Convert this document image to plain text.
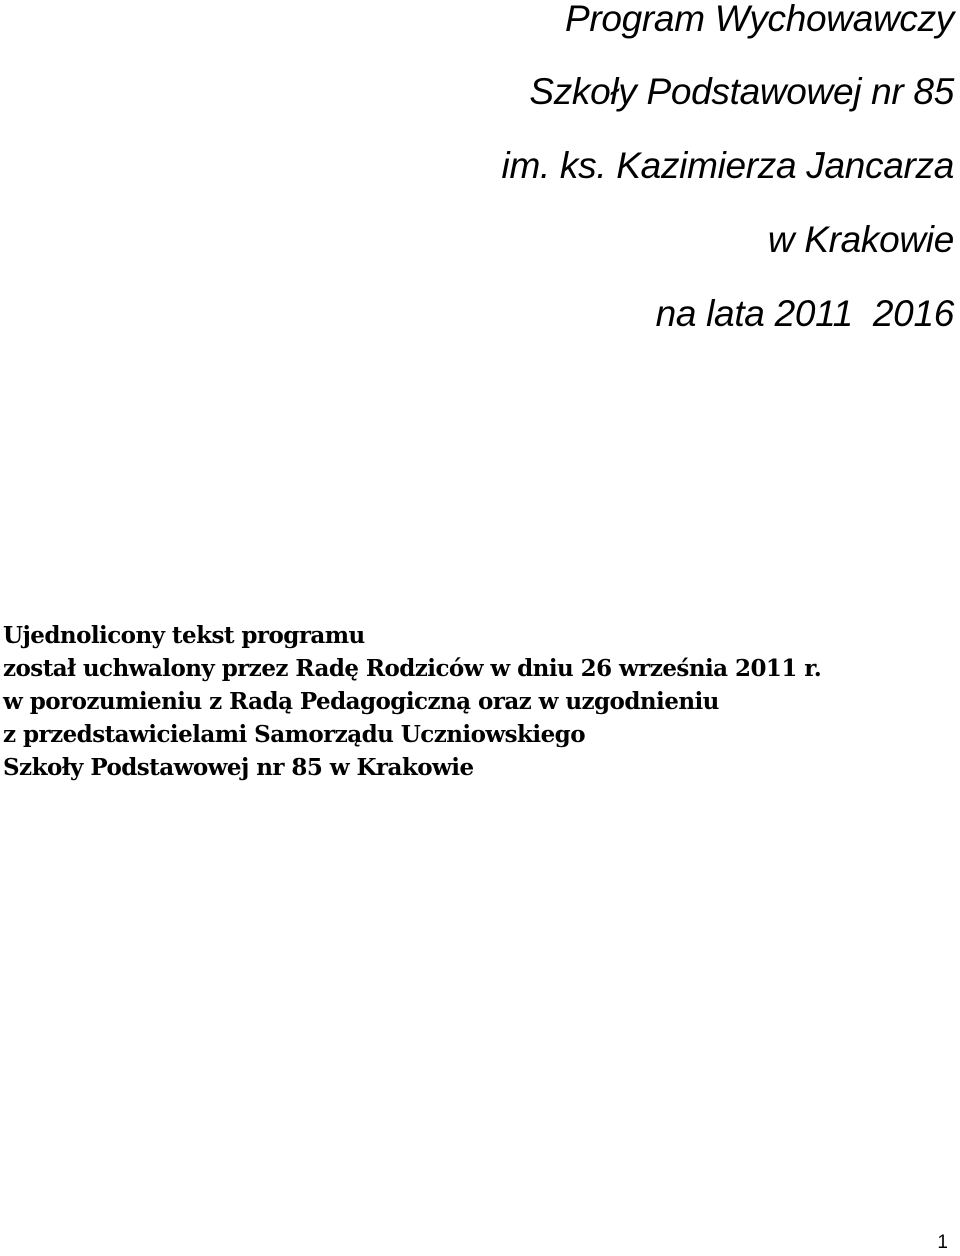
Program Wychowawczy
Szkoły Podstawowej nr 85
im. ks. Kazimierza Jancarza
w Krakowie
na lata 2011  2016
Ujednolicony tekst programu
został uchwalony przez Radę Rodziców w dniu 26 września 2011 r.
w porozumieniu z Radą Pedagogiczną oraz w uzgodnieniu
z przedstawicielami Samorządu Uczniowskiego
Szkoły Podstawowej nr 85 w Krakowie
1
